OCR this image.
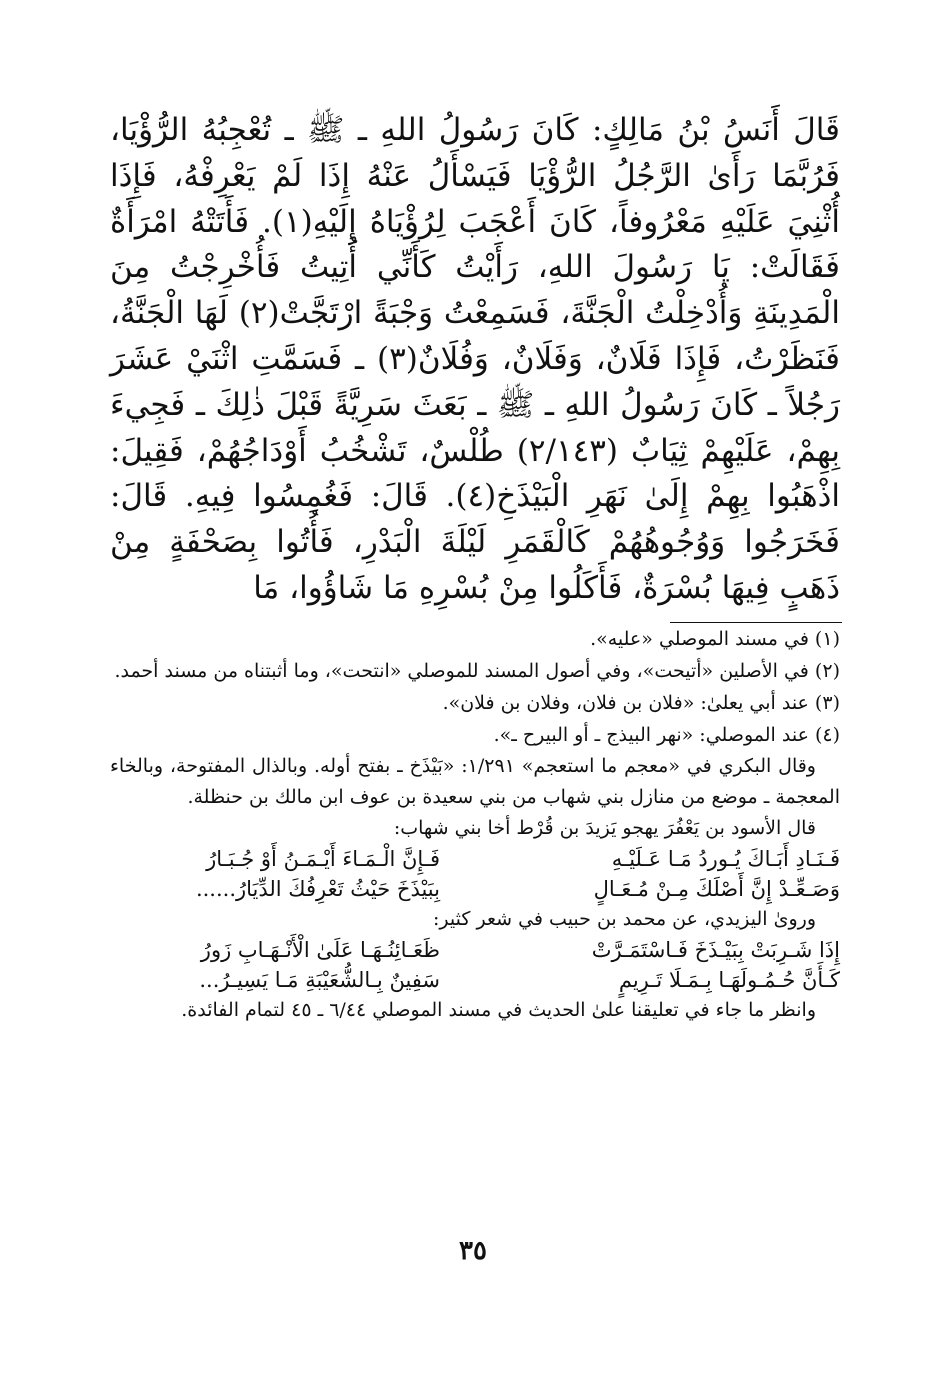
قَالَ أَنَسُ بْنُ مَالِكٍ: كَانَ رَسُولُ اللهِ ـ ﷺ ـ تُعْجِبُهُ الرُّؤْيَا، فَرُبَّمَا رَأَىٰ الرَّجُلُ الرُّؤْيَا فَيَسْأَلُ عَنْهُ إِذَا لَمْ يَعْرِفْهُ، فَإِذَا أُثْنِيَ عَلَيْهِ مَعْرُوفاً، كَانَ أَعْجَبَ لِرُؤْيَاهُ إِلَيْهِ(١). فَأَتَتْهُ امْرَأَةٌ فَقَالَتْ: يَا رَسُولَ اللهِ، رَأَيْتُ كَأَنِّي أُتِيتُ فَأُخْرِجْتُ مِنَ الْمَدِينَةِ وَأُدْخِلْتُ الْجَنَّةَ، فَسَمِعْتُ وَجْبَةً ارْتَجَّتْ(٢) لَهَا الْجَنَّةُ، فَنَظَرْتُ، فَإِذَا فَلَانٌ، وَفَلَانٌ، وَفُلَانٌ(٣) ـ فَسَمَّتِ اثْنَيْ عَشَرَ رَجُلاً ـ كَانَ رَسُولُ اللهِ ـ ﷺ ـ بَعَثَ سَرِيَّةً قَبْلَ ذٰلِكَ ـ فَجِيءَ بِهِمْ، عَلَيْهِمْ ثِيَابٌ (٢/١٤٣) طُلْسٌ، تَشْخُبُ أَوْدَاجُهُمْ، فَقِيلَ: اذْهَبُوا بِهِمْ إِلَىٰ نَهَرِ الْبَيْذَخِ(٤). قَالَ: فَغُمِسُوا فِيهِ. قَالَ: فَخَرَجُوا وَوُجُوهُهُمْ كَالْقَمَرِ لَيْلَةَ الْبَدْرِ، فَأُتُوا بِصَحْفَةٍ مِنْ ذَهَبٍ فِيهَا بُسْرَةٌ، فَأَكَلُوا مِنْ بُسْرِهِ مَا شَاؤُوا، مَا

(١) في مسند الموصلي «عليه».

(٢) في الأصلين «أتيحت»، وفي أصول المسند للموصلي «انتحت»، وما أثبتناه من مسند أحمد.

(٣) عند أبي يعلىٰ: «فلان بن فلان، وفلان بن فلان».

(٤) عند الموصلي: «نهر البيذج ـ أو البيرح ـ».

وقال البكري في «معجم ما استعجم» ١/٢٩١: «بَيْذَخ ـ بفتح أوله. وبالذال المفتوحة، وبالخاء المعجمة ـ موضع من منازل بني شهاب من بني سعيدة بن عوف ابن مالك بن حنظلة.

قال الأسود بن يَعْفُرَ يهجو يَزيدَ بن قُرْط أخا بني شهاب:

فَـنَـادِ أَبَـاكَ يُـوردُ مَـا عَـلَيْـهِ
فَـإِنَّ الْـمَـاءَ أَيْـمَـنُ أَوْ جُـبَـارُ
وَصَـعِّـدْ إِنَّ أَصْلَكَ مِـنْ مُـعَـالٍ
بِبَيْذَخَ حَيْثُ تَعْرِفُكَ الدِّيَارُ......

وروىٰ اليزيدي، عن محمد بن حبيب في شعر كثير:

إِذَا شَـرِبَتْ بِبَيْـذَخَ فَـاسْتَمَـرَّتْ
ظَعَـائِنُـهَـا عَلَىٰ الْأَنْـهَـابِ زَورُ
كَـأَنَّ حُـمُـولَهَـا بِـمَـلَا تَـرِيمٍ
سَفِينٌ بِـالشُّعَيْبَةِ مَـا يَسِيـرُ...

وانظر ما جاء في تعليقنا علىٰ الحديث في مسند الموصلي ٦/٤٤ ـ ٤٥ لتمام الفائدة.

٣٥
